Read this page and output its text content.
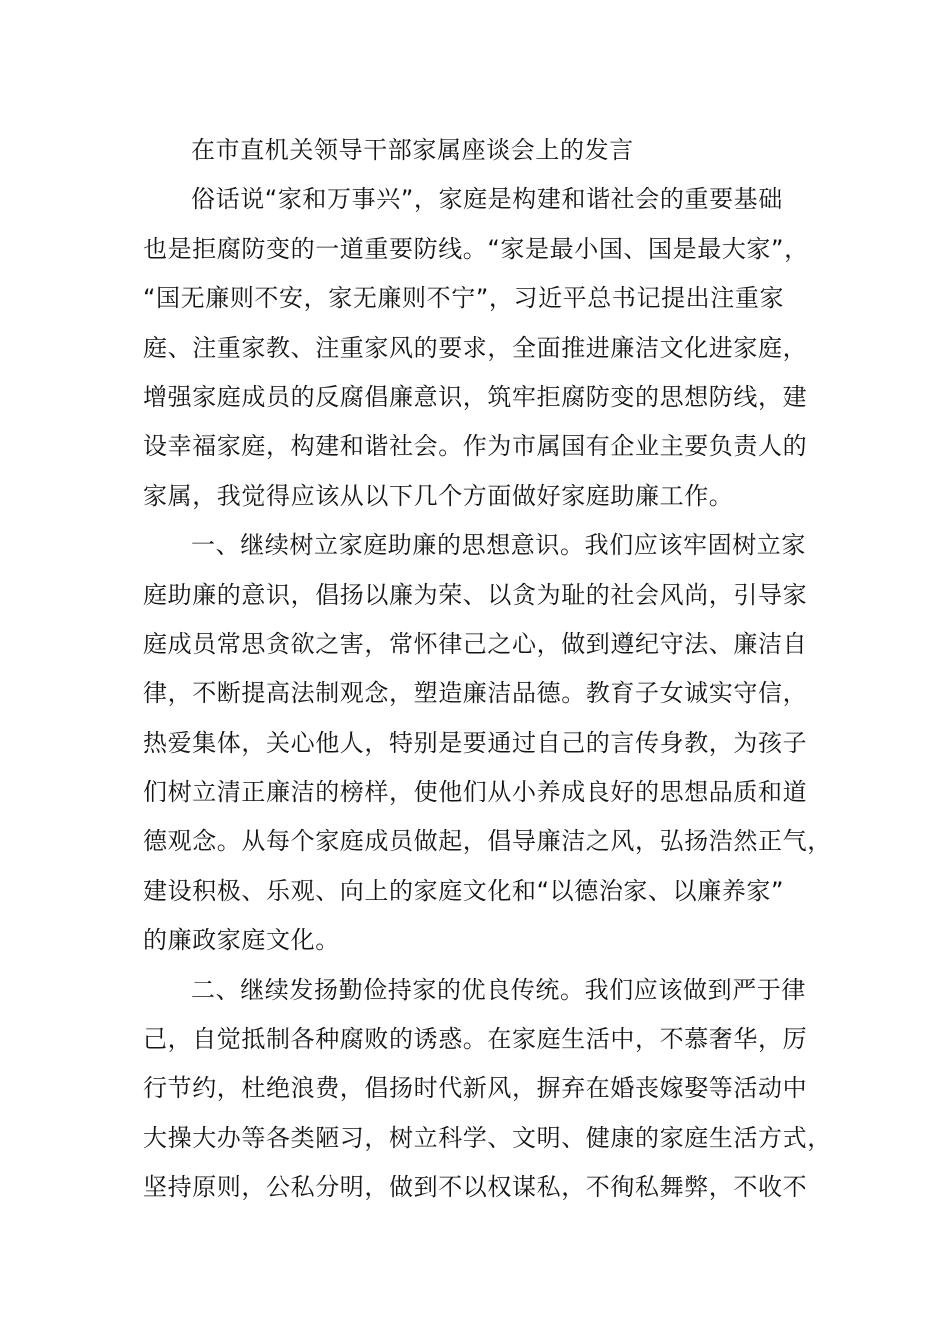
在市直机关领导干部家属座谈会上的发言
俗话说“家和万事兴”，家庭是构建和谐社会的重要基础
也是拒腐防变的一道重要防线。“家是最小国、国是最大家”，
“国无廉则不安，家无廉则不宁”，习近平总书记提出注重家
庭、注重家教、注重家风的要求，全面推进廉洁文化进家庭，
增强家庭成员的反腐倡廉意识，筑牢拒腐防变的思想防线，建
设幸福家庭，构建和谐社会。作为市属国有企业主要负责人的
家属，我觉得应该从以下几个方面做好家庭助廉工作。
一、继续树立家庭助廉的思想意识。我们应该牢固树立家
庭助廉的意识，倡扬以廉为荣、以贪为耻的社会风尚，引导家
庭成员常思贪欲之害，常怀律己之心，做到遵纪守法、廉洁自
律，不断提高法制观念，塑造廉洁品德。教育子女诚实守信，
热爱集体，关心他人，特别是要通过自己的言传身教，为孩子
们树立清正廉洁的榜样，使他们从小养成良好的思想品质和道
德观念。从每个家庭成员做起，倡导廉洁之风，弘扬浩然正气，
建设积极、乐观、向上的家庭文化和“以德治家、以廉养家”
的廉政家庭文化。
二、继续发扬勤俭持家的优良传统。我们应该做到严于律
己，自觉抵制各种腐败的诱惑。在家庭生活中，不慕奢华，厉
行节约，杜绝浪费，倡扬时代新风，摒弃在婚丧嫁娶等活动中
大操大办等各类陋习，树立科学、文明、健康的家庭生活方式，
坚持原则，公私分明，做到不以权谋私，不徇私舞弊，不收不
